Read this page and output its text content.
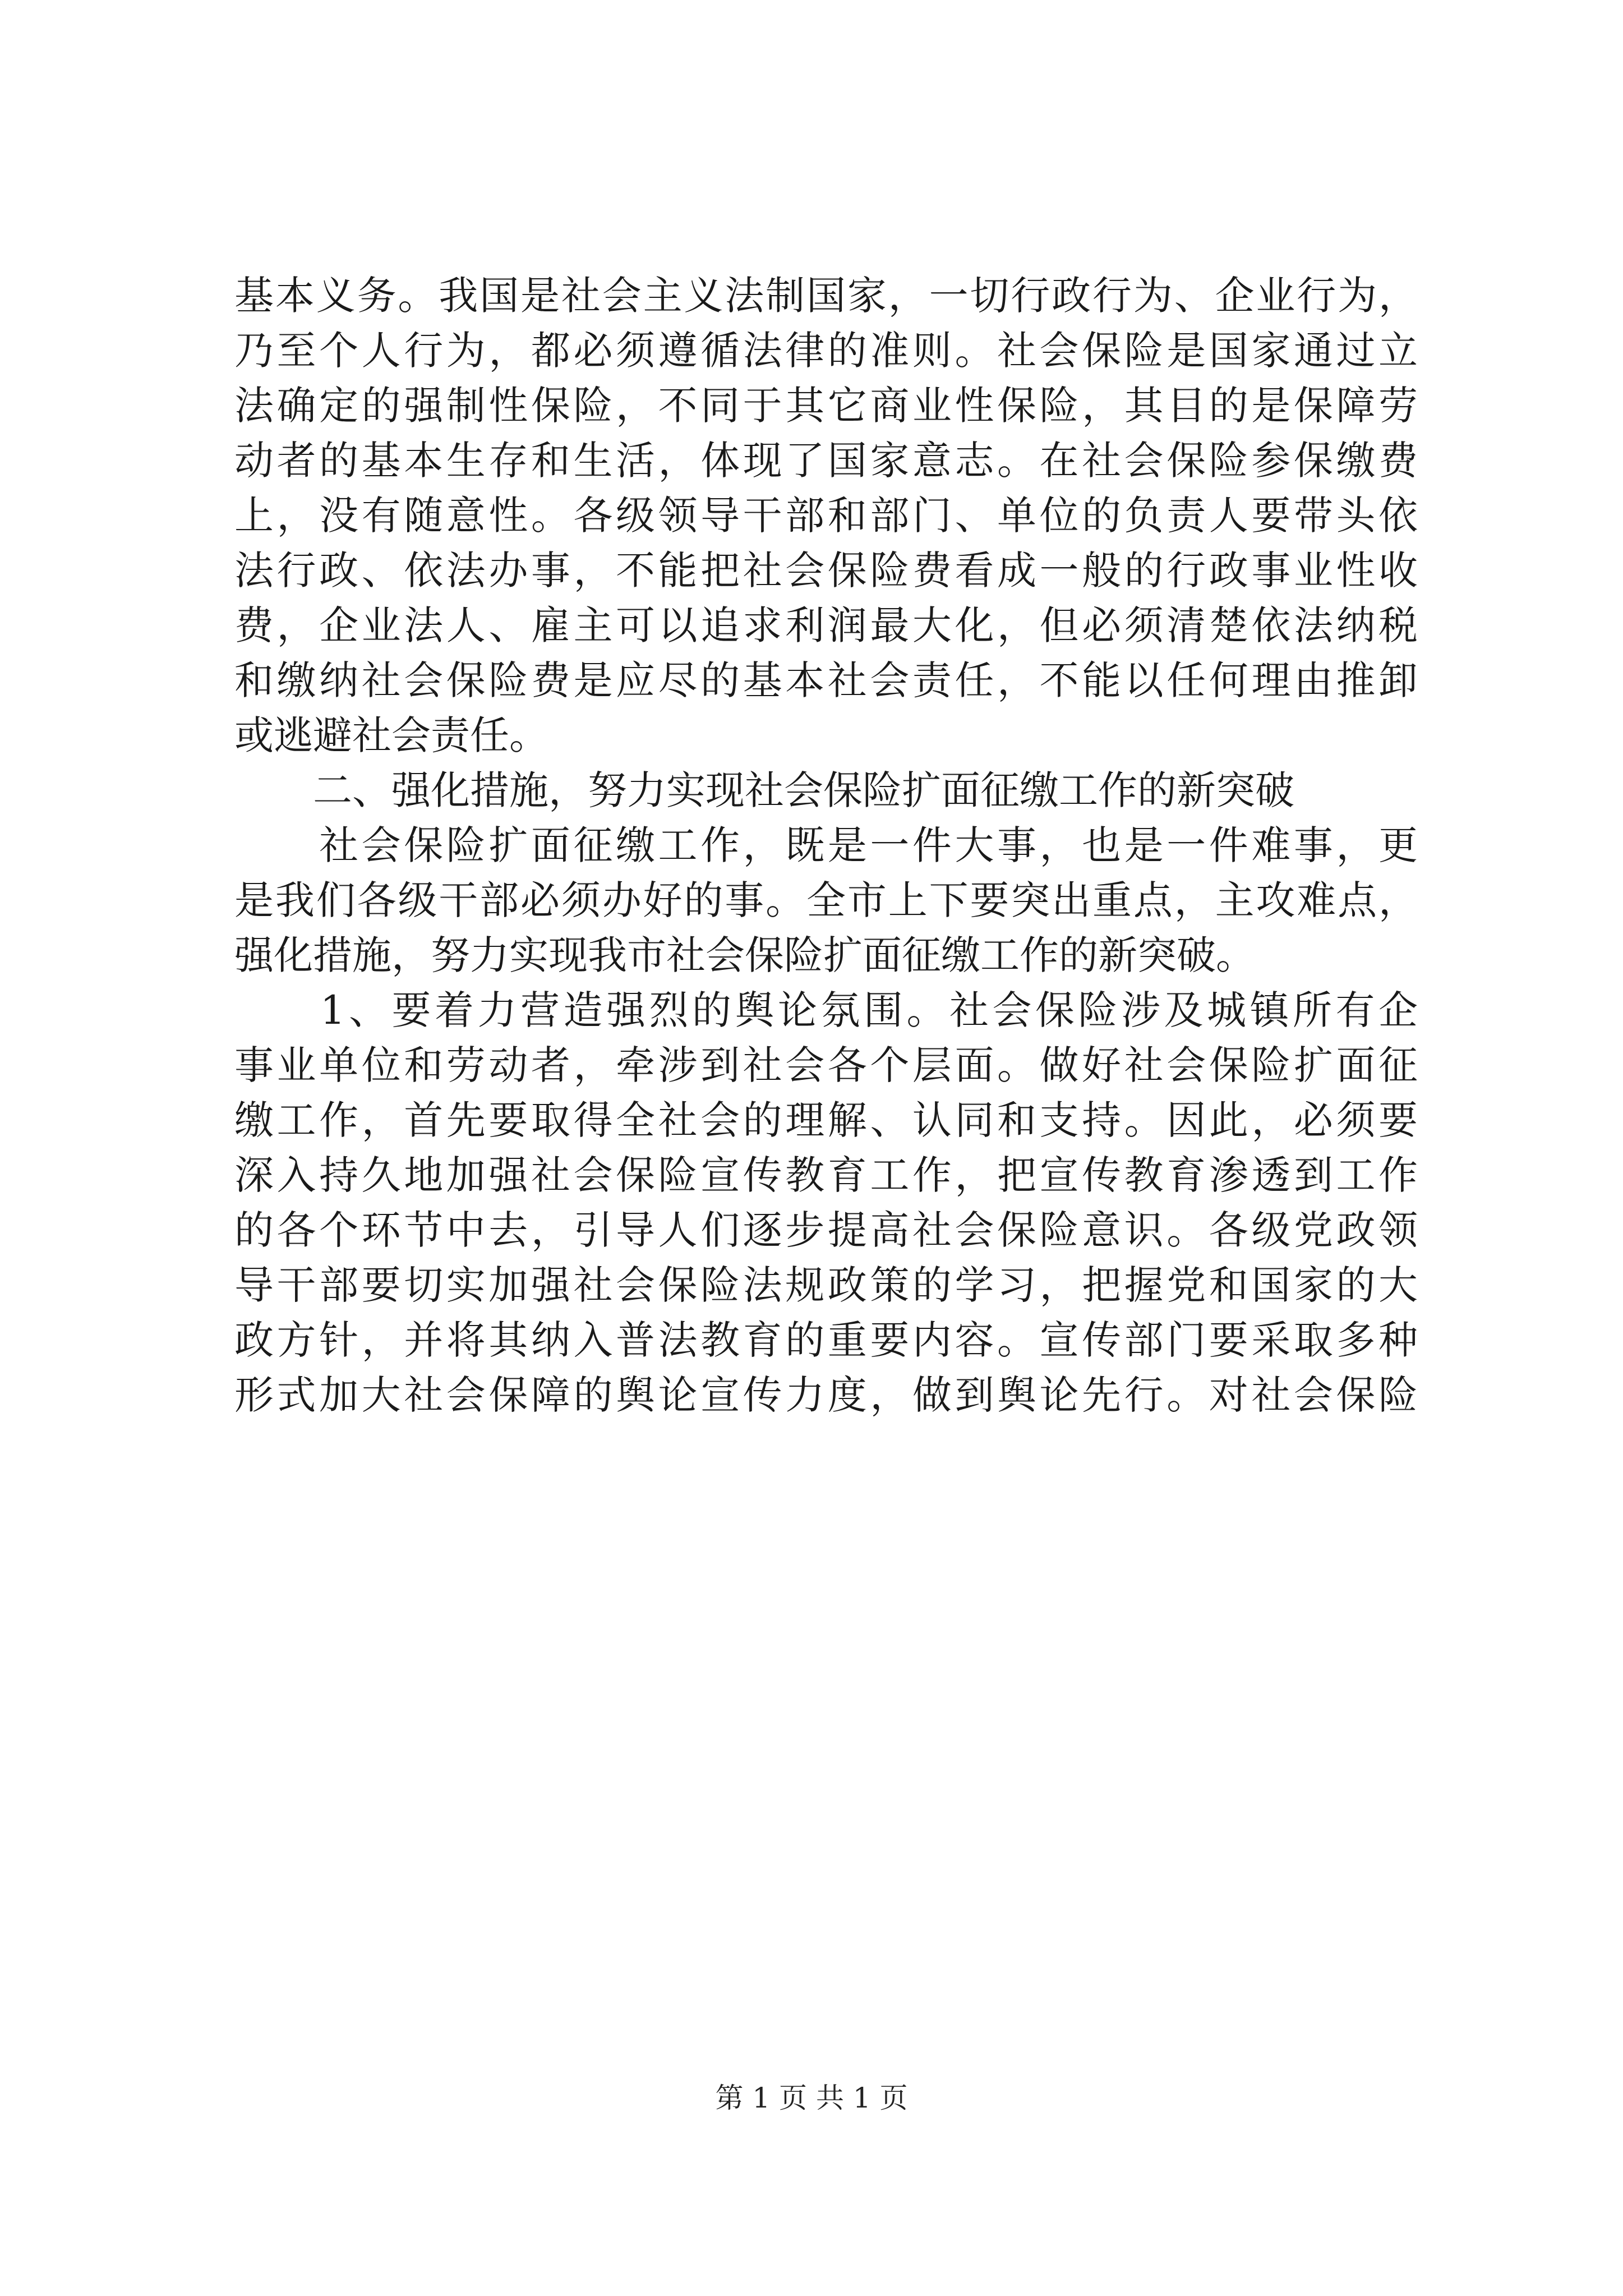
基本义务。我国是社会主义法制国家，一切行政行为、企业行为，
乃至个人行为，都必须遵循法律的准则。社会保险是国家通过立
法确定的强制性保险，不同于其它商业性保险，其目的是保障劳
动者的基本生存和生活，体现了国家意志。在社会保险参保缴费
上，没有随意性。各级领导干部和部门、单位的负责人要带头依
法行政、依法办事，不能把社会保险费看成一般的行政事业性收
费，企业法人、雇主可以追求利润最大化，但必须清楚依法纳税
和缴纳社会保险费是应尽的基本社会责任，不能以任何理由推卸
或逃避社会责任。
　　二、强化措施，努力实现社会保险扩面征缴工作的新突破
　　社会保险扩面征缴工作，既是一件大事，也是一件难事，更
是我们各级干部必须办好的事。全市上下要突出重点，主攻难点，
强化措施，努力实现我市社会保险扩面征缴工作的新突破。
　　1、要着力营造强烈的舆论氛围。社会保险涉及城镇所有企
事业单位和劳动者，牵涉到社会各个层面。做好社会保险扩面征
缴工作，首先要取得全社会的理解、认同和支持。因此，必须要
深入持久地加强社会保险宣传教育工作，把宣传教育渗透到工作
的各个环节中去，引导人们逐步提高社会保险意识。各级党政领
导干部要切实加强社会保险法规政策的学习，把握党和国家的大
政方针，并将其纳入普法教育的重要内容。宣传部门要采取多种
形式加大社会保障的舆论宣传力度，做到舆论先行。对社会保险
第 1 页 共 1 页
